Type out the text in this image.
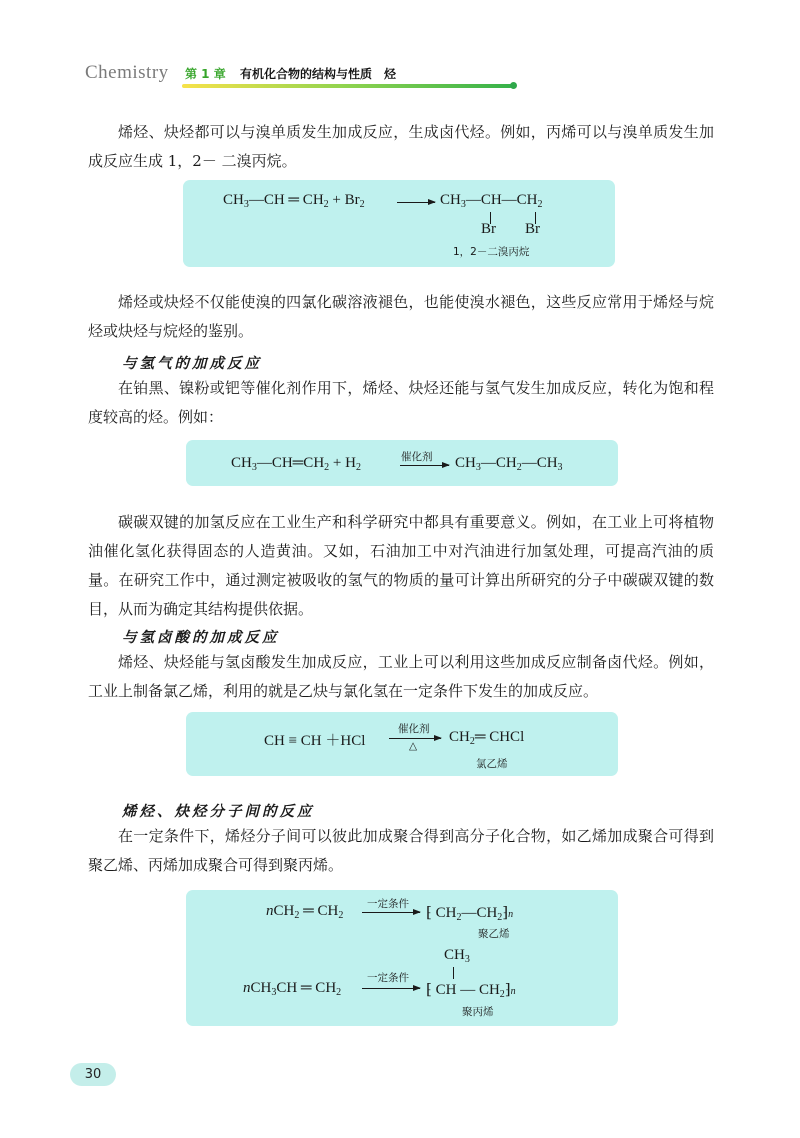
Chemistry 第 1 章 有机化合物的结构与性质　烃

烯烃、炔烃都可以与溴单质发生加成反应，生成卤代烃。例如，丙烯可以与溴单质发生加成反应生成 1，2－ 二溴丙烷。

$CH_3—CH$ ═ $CH_2 + Br_2$	$CH_3—CH—CH_2$
Br Br
1，2－二溴丙烷

烯烃或炔烃不仅能使溴的四氯化碳溶液褪色，也能使溴水褪色，这些反应常用于烯烃与烷烃或炔烃与烷烃的鉴别。

与氢气的加成反应

在铂黑、镍粉或钯等催化剂作用下，烯烃、炔烃还能与氢气发生加成反应，转化为饱和程度较高的烃。例如：

$CH_3—CH═CH_2 + H_2$
催化剂 $CH_3—CH_2—CH_3$

碳碳双键的加氢反应在工业生产和科学研究中都具有重要意义。例如，在工业上可将植物油催化氢化获得固态的人造黄油。又如，石油加工中对汽油进行加氢处理，可提高汽油的质量。在研究工作中，通过测定被吸收的氢气的物质的量可计算出所研究的分子中碳碳双键的数目，从而为确定其结构提供依据。

与氢卤酸的加成反应

烯烃、炔烃能与氢卤酸发生加成反应，工业上可以利用这些加成反应制备卤代烃。例如，工业上制备氯乙烯，利用的就是乙炔与氯化氢在一定条件下发生的加成反应。

CH ≡ CH ＋HCl
催化剂
△
$CH_2═$ CHCl
氯乙烯

烯烃、炔烃分子间的反应

在一定条件下，烯烃分子间可以彼此加成聚合得到高分子化合物，如乙烯加成聚合可得到聚乙烯、丙烯加成聚合可得到聚丙烯。

nCH$_2$ ═ $CH_2$
一定条件
⁅ $CH_2—CH_2⁆n$
聚乙烯
$CH_3$
nCH$_3$CH ═ $CH_2$
一定条件
⁅ CH — $CH_2⁆n$
聚丙烯
30
